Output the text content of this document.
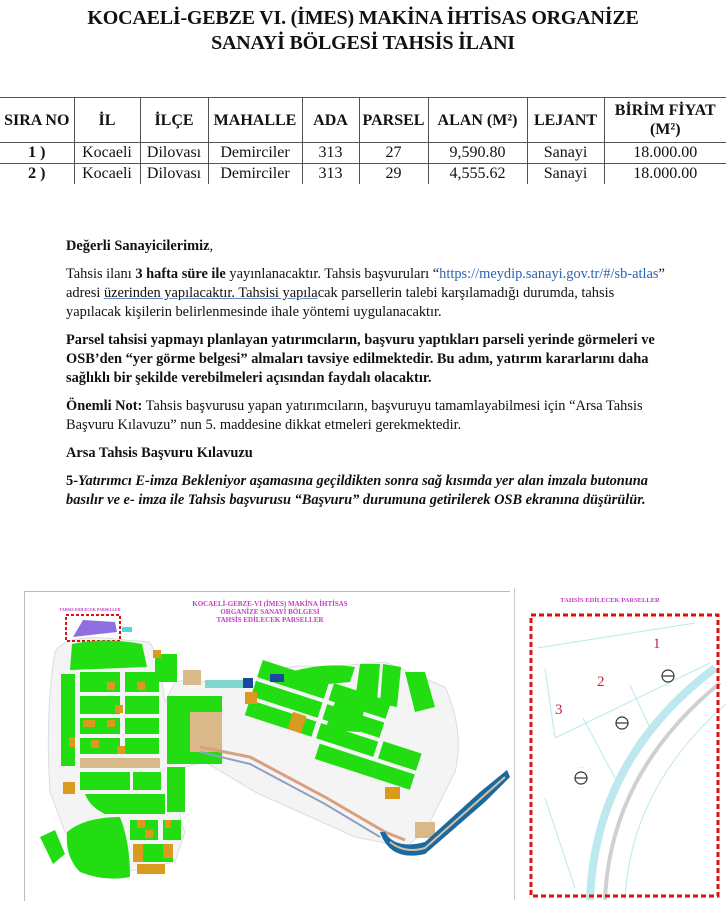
KOCAELİ-GEBZE VI. (İMES) MAKİNA İHTİSAS ORGANİZE
SANAYİ BÖLGESİ TAHSİS İLANI
SIRA NO	İL	İLÇE	MAHALLE	ADA	PARSEL	ALAN (M²)	LEJANT	BİRİM FİYAT
(M²)

1 )	Kocaeli	Dilovası	Demirciler	313	27	9,590.80	Sanayi	18.000.00
2 )	Kocaeli	Dilovası	Demirciler	313	29	4,555.62	Sanayi	18.000.00

Değerli Sanayicilerimiz,

Tahsis ilanı 3 hafta süre ile yayınlanacaktır. Tahsis başvuruları “https://meydip.sanayi.gov.tr/#/sb-atlas” adresi üzerinden yapılacaktır. Tahsisi yapılacak parsellerin talebi karşılamadığı durumda, tahsis yapılacak kişilerin belirlenmesinde ihale yöntemi uygulanacaktır.

Parsel tahsisi yapmayı planlayan yatırımcıların, başvuru yaptıkları parseli yerinde görmeleri ve OSB’den “yer görme belgesi” almaları tavsiye edilmektedir. Bu adım, yatırım kararlarını daha sağlıklı bir şekilde verebilmeleri açısından faydalı olacaktır.

Önemli Not: Tahsis başvurusu yapan yatırımcıların, başvuruyu tamamlayabilmesi için “Arsa Tahsis Başvuru Kılavuzu” nun 5. maddesine dikkat etmeleri gerekmektedir.

Arsa Tahsis Başvuru Kılavuzu

5-Yatırımcı E-imza Bekleniyor aşamasına geçildikten sonra sağ kısımda yer alan imzala butonuna basılır ve e- imza ile Tahsis başvurusu “Başvuru” durumuna getirilerek OSB ekranına düşürülür.

KOCAELİ-GEBZE-VI (İMES) MAKİNA İHTİSAS
ORGANİZE SANAYİ BÖLGESİ
TAHSİS EDİLECEK PARSELLER
TAHSİS EDİLECEK PARSELLER
TAHSİS EDİLECEK PARSELLER
·····
·····
·····
·····
·····
·····
1
2
3
